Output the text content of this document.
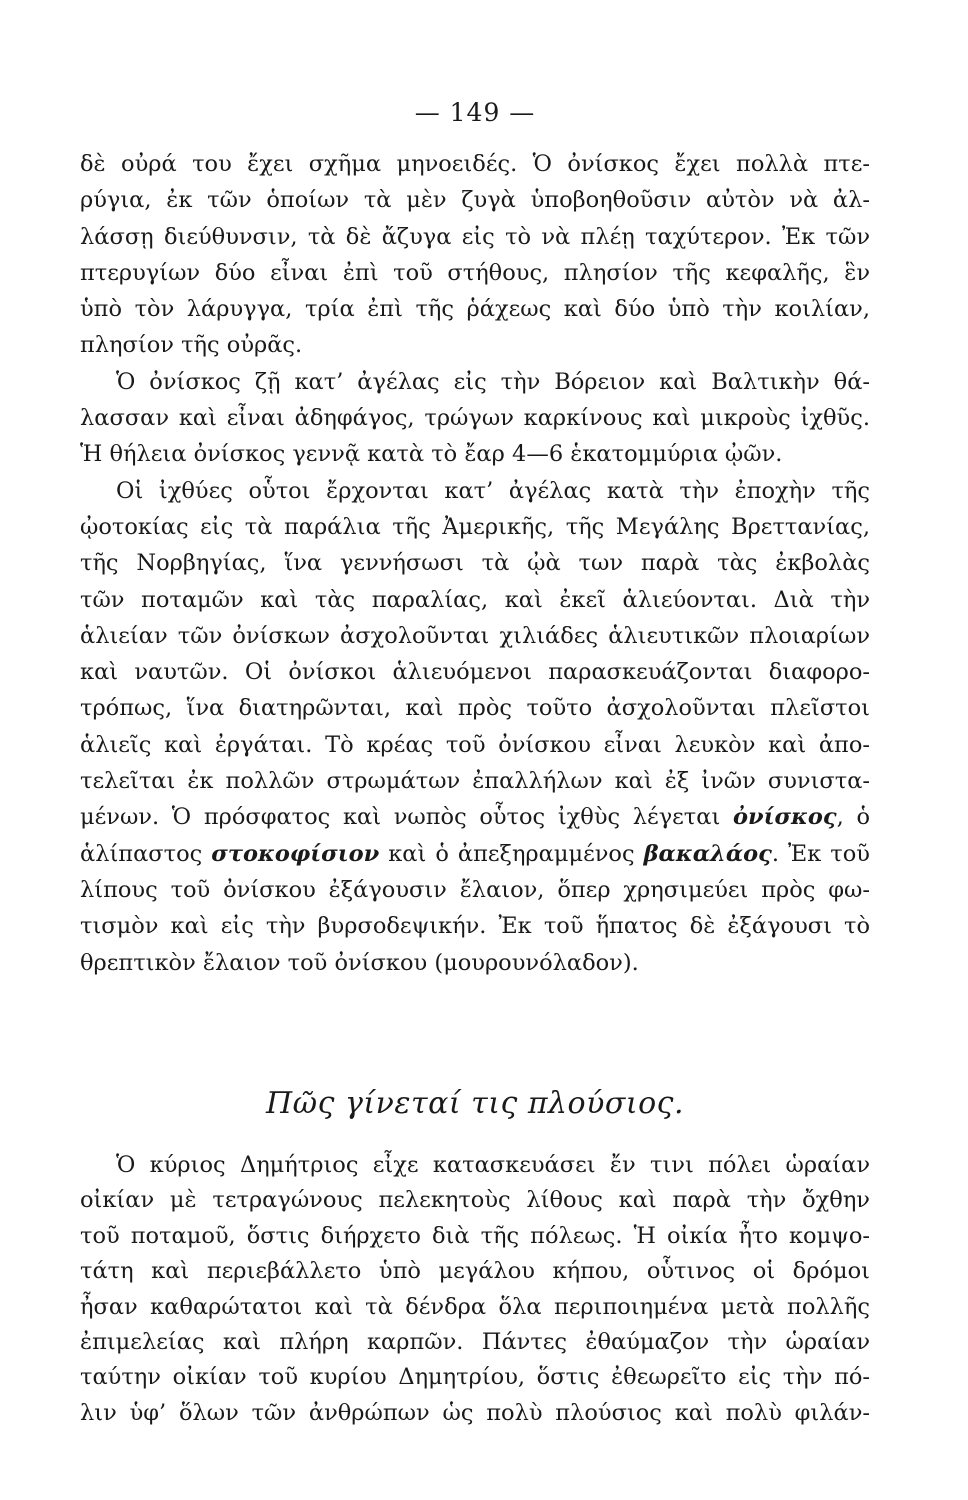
— 149 —
δὲ οὐρά του ἔχει σχῆμα μηνοειδές. Ὁ ὀνίσκος ἔχει πολλὰ πτε-
ρύγια, ἐκ τῶν ὁποίων τὰ μὲν ζυγὰ ὑποβοηθοῦσιν αὐτὸν νὰ ἀλ-
λάσσῃ διεύθυνσιν, τὰ δὲ ἄζυγα εἰς τὸ νὰ πλέῃ ταχύτερον. Ἐκ τῶν
πτερυγίων δύο εἶναι ἐπὶ τοῦ στήθους, πλησίον τῆς κεφαλῆς, ἓν
ὑπὸ τὸν λάρυγγα, τρία ἐπὶ τῆς ῥάχεως καὶ δύο ὑπὸ τὴν κοιλίαν,
πλησίον τῆς οὐρᾶς.
Ὁ ὀνίσκος ζῇ κατ’ ἀγέλας εἰς τὴν Βόρειον καὶ Βαλτικὴν θά-
λασσαν καὶ εἶναι ἀδηφάγος, τρώγων καρκίνους καὶ μικροὺς ἰχθῦς.
Ἡ θήλεια ὀνίσκος γεννᾷ κατὰ τὸ ἔαρ 4—6 ἑκατομμύρια ᾠῶν.
Οἱ ἰχθύες οὗτοι ἔρχονται κατ’ ἀγέλας κατὰ τὴν ἐποχὴν τῆς
ᾠοτοκίας εἰς τὰ παράλια τῆς Ἀμερικῆς, τῆς Μεγάλης Βρεττανίας,
τῆς Νορβηγίας, ἵνα γεννήσωσι τὰ ᾠὰ των παρὰ τὰς ἐκβολὰς
τῶν ποταμῶν καὶ τὰς παραλίας, καὶ ἐκεῖ ἁλιεύονται. Διὰ τὴν
ἁλιείαν τῶν ὀνίσκων ἀσχολοῦνται χιλιάδες ἁλιευτικῶν πλοιαρίων
καὶ ναυτῶν. Οἱ ὀνίσκοι ἁλιευόμενοι παρασκευάζονται διαφορο-
τρόπως, ἵνα διατηρῶνται, καὶ πρὸς τοῦτο ἀσχολοῦνται πλεῖστοι
ἁλιεῖς καὶ ἐργάται. Τὸ κρέας τοῦ ὀνίσκου εἶναι λευκὸν καὶ ἀπο-
τελεῖται ἐκ πολλῶν στρωμάτων ἐπαλλήλων καὶ ἐξ ἰνῶν συνιστα-
μένων. Ὁ πρόσφατος καὶ νωπὸς οὗτος ἰχθὺς λέγεται ὀνίσκος, ὁ
ἁλίπαστος στοκοφίσιον καὶ ὁ ἀπεξηραμμένος βακαλάος. Ἐκ τοῦ
λίπους τοῦ ὀνίσκου ἐξάγουσιν ἔλαιον, ὅπερ χρησιμεύει πρὸς φω-
τισμὸν καὶ εἰς τὴν βυρσοδεψικήν. Ἐκ τοῦ ἥπατος δὲ ἐξάγουσι τὸ
θρεπτικὸν ἔλαιον τοῦ ὀνίσκου (μουρουνόλαδον).
Πῶς γίνεταί τις πλούσιος.
Ὁ κύριος Δημήτριος εἶχε κατασκευάσει ἔν τινι πόλει ὡραίαν
οἰκίαν μὲ τετραγώνους πελεκητοὺς λίθους καὶ παρὰ τὴν ὄχθην
τοῦ ποταμοῦ, ὅστις διήρχετο διὰ τῆς πόλεως. Ἡ οἰκία ἦτο κομψο-
τάτη καὶ περιεβάλλετο ὑπὸ μεγάλου κήπου, οὗτινος οἱ δρόμοι
ἦσαν καθαρώτατοι καὶ τὰ δένδρα ὅλα περιποιημένα μετὰ πολλῆς
ἐπιμελείας καὶ πλήρη καρπῶν. Πάντες ἐθαύμαζον τὴν ὡραίαν
ταύτην οἰκίαν τοῦ κυρίου Δημητρίου, ὅστις ἐθεωρεῖτο εἰς τὴν πό-
λιν ὑφ’ ὅλων τῶν ἀνθρώπων ὡς πολὺ πλούσιος καὶ πολὺ φιλάν-
